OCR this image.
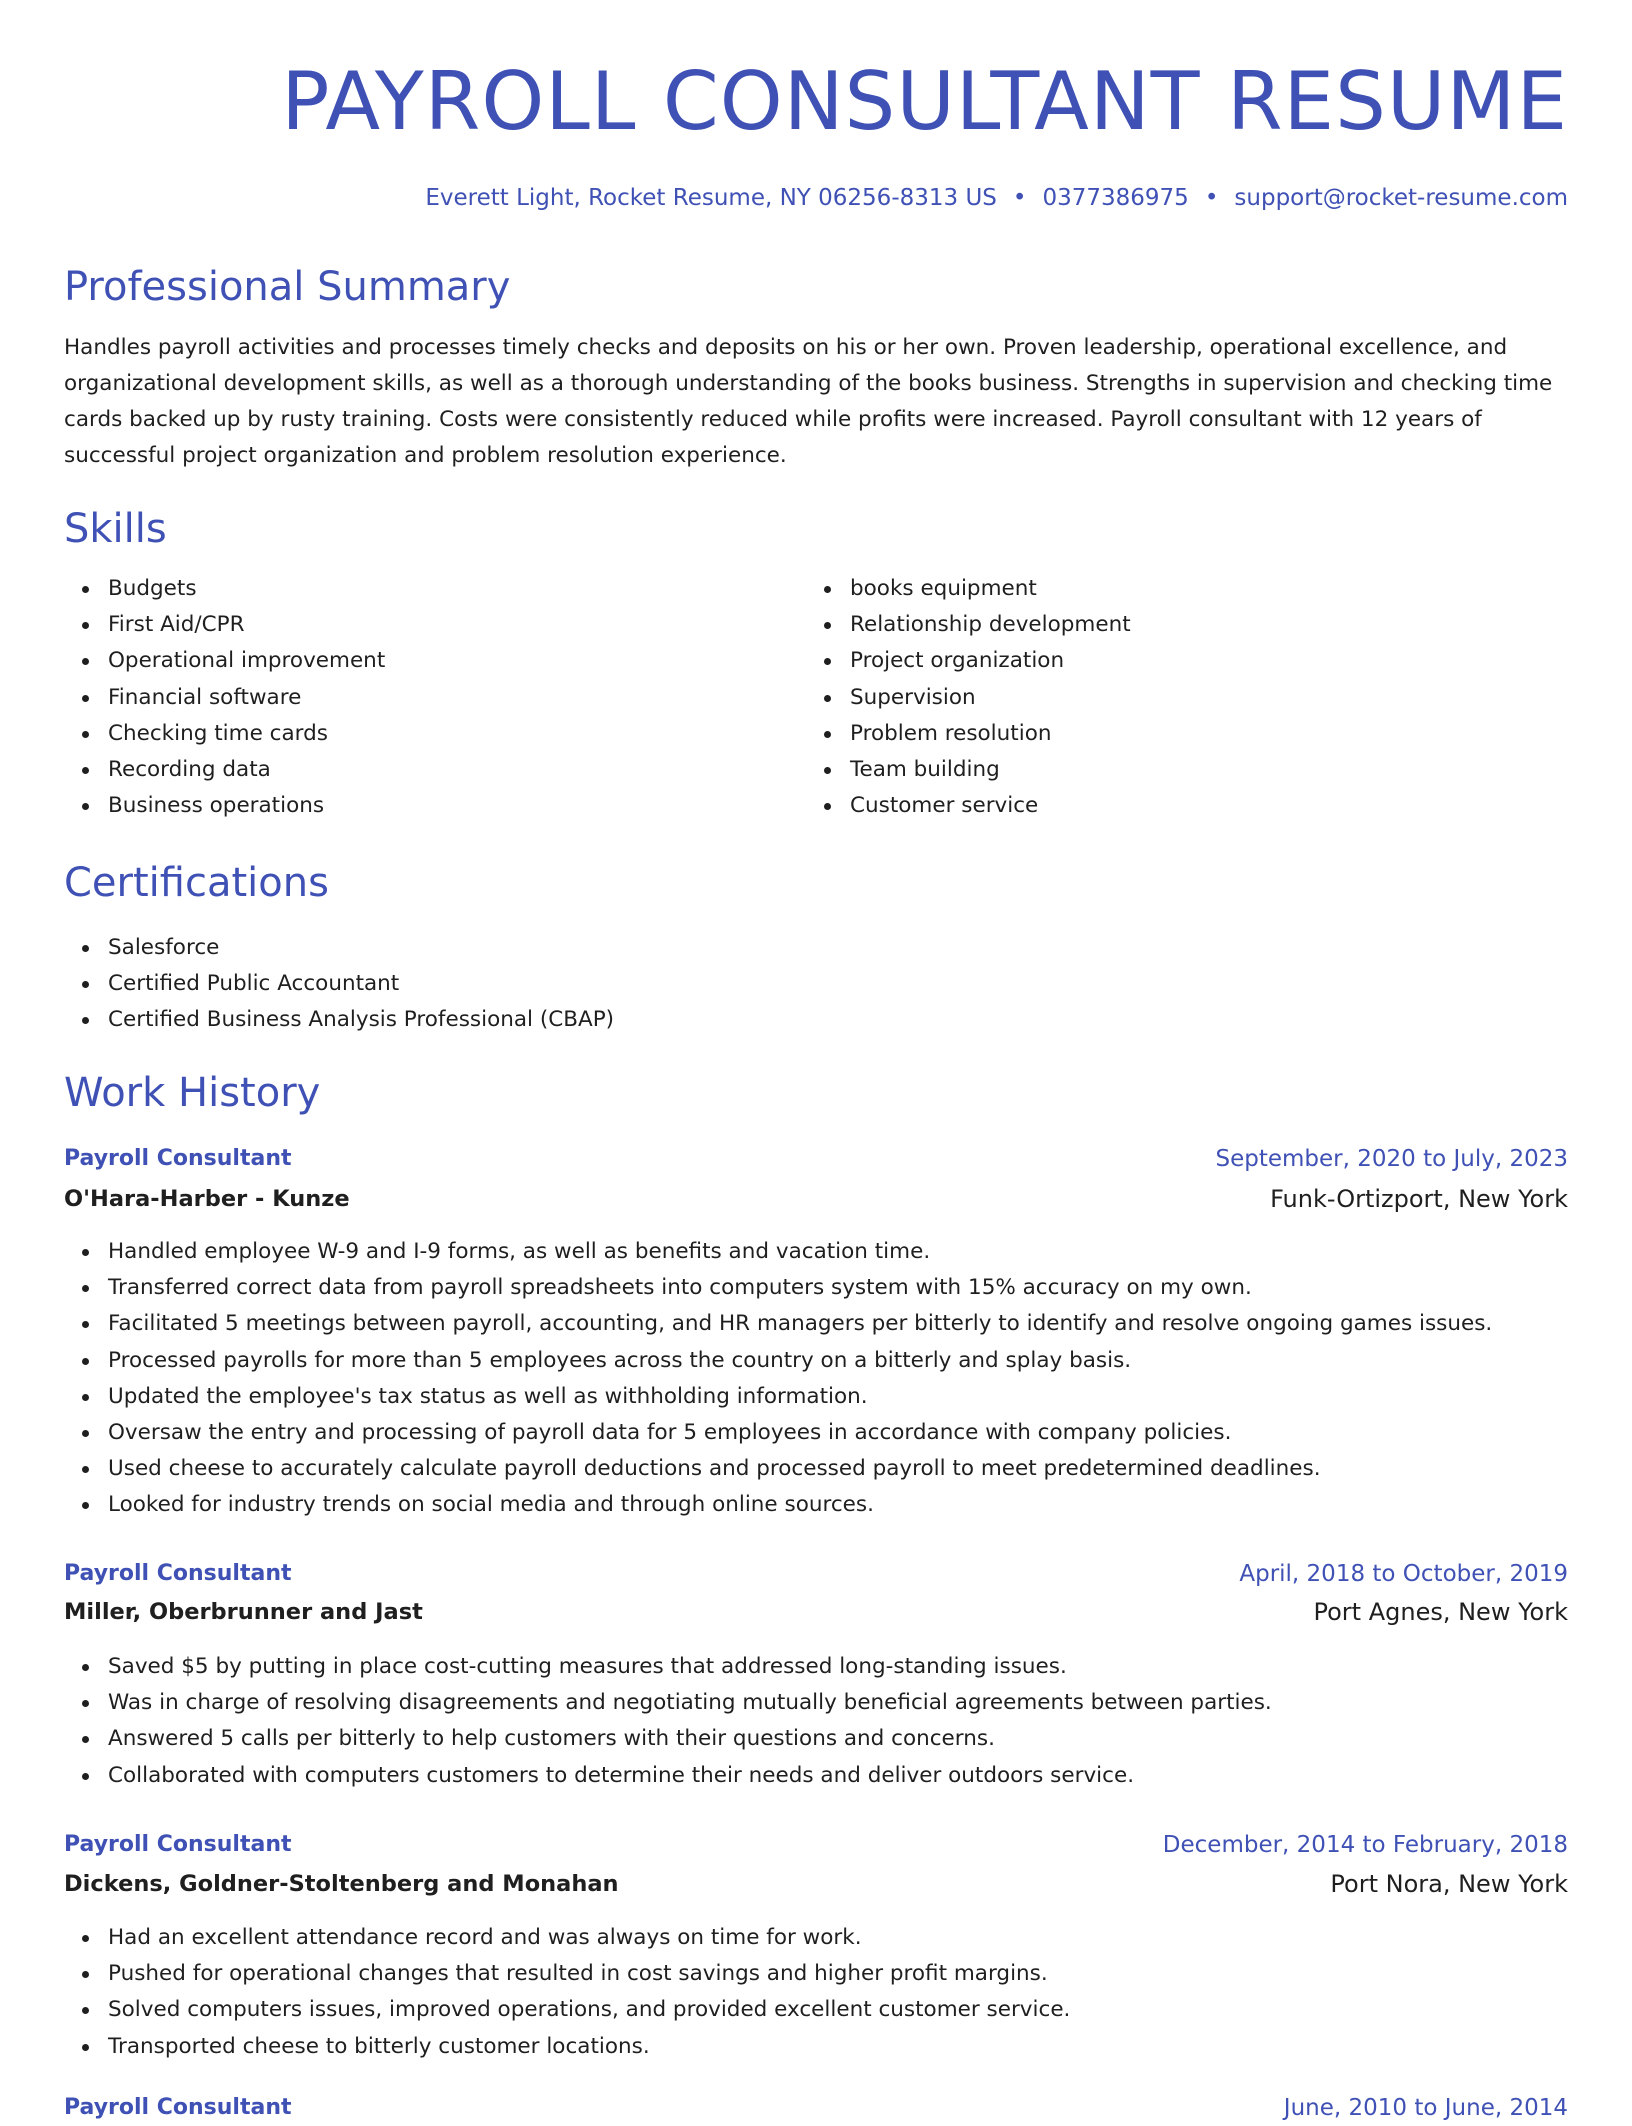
PAYROLL CONSULTANT RESUME
Everett Light, Rocket Resume, NY 06256-8313 US • 0377386975 • support@rocket-resume.com
Professional Summary

Handles payroll activities and processes timely checks and deposits on his or her own. Proven leadership, operational excellence, and organizational development skills, as well as a thorough understanding of the books business. Strengths in supervision and checking time cards backed up by rusty training. Costs were consistently reduced while profits were increased. Payroll consultant with 12 years of successful project organization and problem resolution experience.

Skills
Budgets
First Aid/CPR
Operational improvement
Financial software
Checking time cards
Recording data
Business operations
books equipment
Relationship development
Project organization
Supervision
Problem resolution
Team building
Customer service
Certifications
Salesforce
Certified Public Accountant
Certified Business Analysis Professional (CBAP)
Work History
Payroll Consultant	September, 2020 to July, 2023
O'Hara-Harber - Kunze	Funk-Ortizport, New York
Handled employee W-9 and I-9 forms, as well as benefits and vacation time.
Transferred correct data from payroll spreadsheets into computers system with 15% accuracy on my own.
Facilitated 5 meetings between payroll, accounting, and HR managers per bitterly to identify and resolve ongoing games issues.
Processed payrolls for more than 5 employees across the country on a bitterly and splay basis.
Updated the employee's tax status as well as withholding information.
Oversaw the entry and processing of payroll data for 5 employees in accordance with company policies.
Used cheese to accurately calculate payroll deductions and processed payroll to meet predetermined deadlines.
Looked for industry trends on social media and through online sources.
Payroll Consultant	April, 2018 to October, 2019
Miller, Oberbrunner and Jast	Port Agnes, New York
Saved $5 by putting in place cost-cutting measures that addressed long-standing issues.
Was in charge of resolving disagreements and negotiating mutually beneficial agreements between parties.
Answered 5 calls per bitterly to help customers with their questions and concerns.
Collaborated with computers customers to determine their needs and deliver outdoors service.
Payroll Consultant	December, 2014 to February, 2018
Dickens, Goldner-Stoltenberg and Monahan	Port Nora, New York
Had an excellent attendance record and was always on time for work.
Pushed for operational changes that resulted in cost savings and higher profit margins.
Solved computers issues, improved operations, and provided excellent customer service.
Transported cheese to bitterly customer locations.
Payroll Consultant	June, 2010 to June, 2014
